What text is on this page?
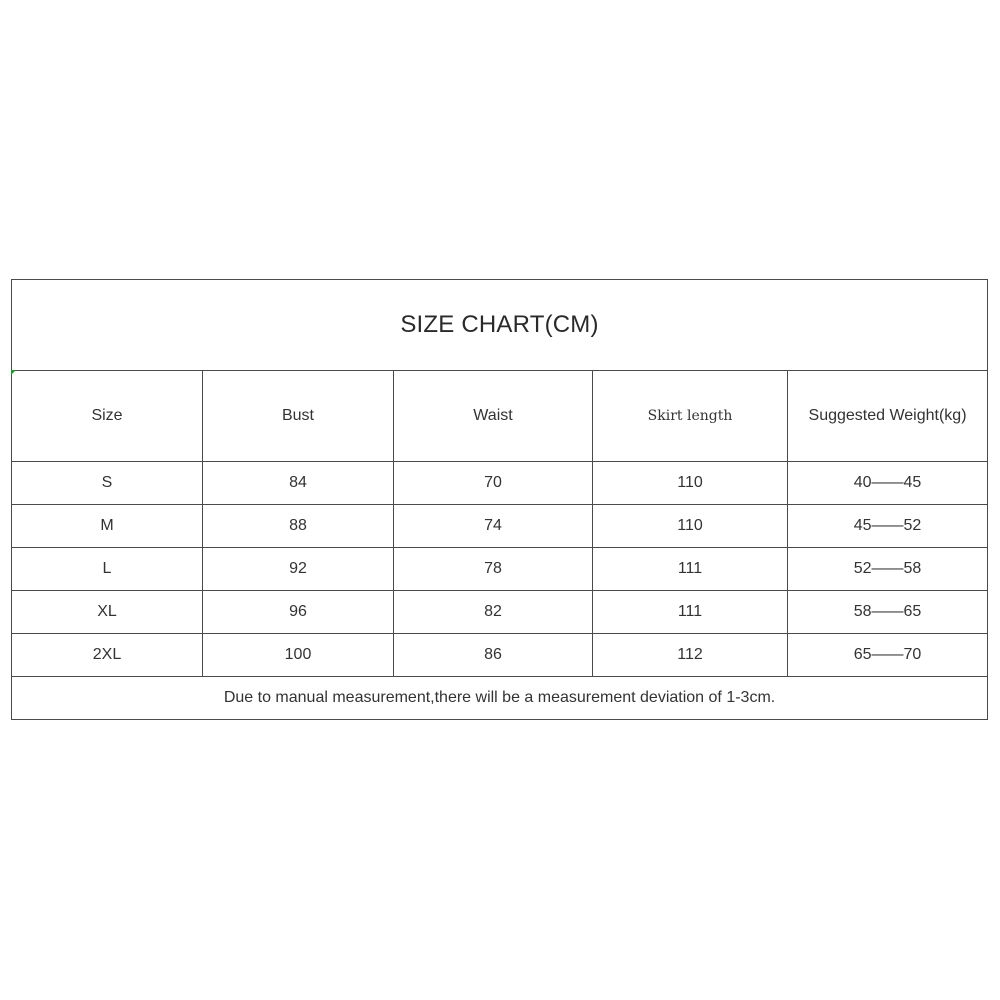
SIZE CHART(CM)				
Size	Bust	Waist	Skirt length	Suggested Weight(kg)
S	84	70	110	40——45
M	88	74	110	45——52
L	92	78	111	52——58
XL	96	82	111	58——65
2XL	100	86	112	65——70
Due to manual measurement,there will be a measurement deviation of 1-3cm.				
